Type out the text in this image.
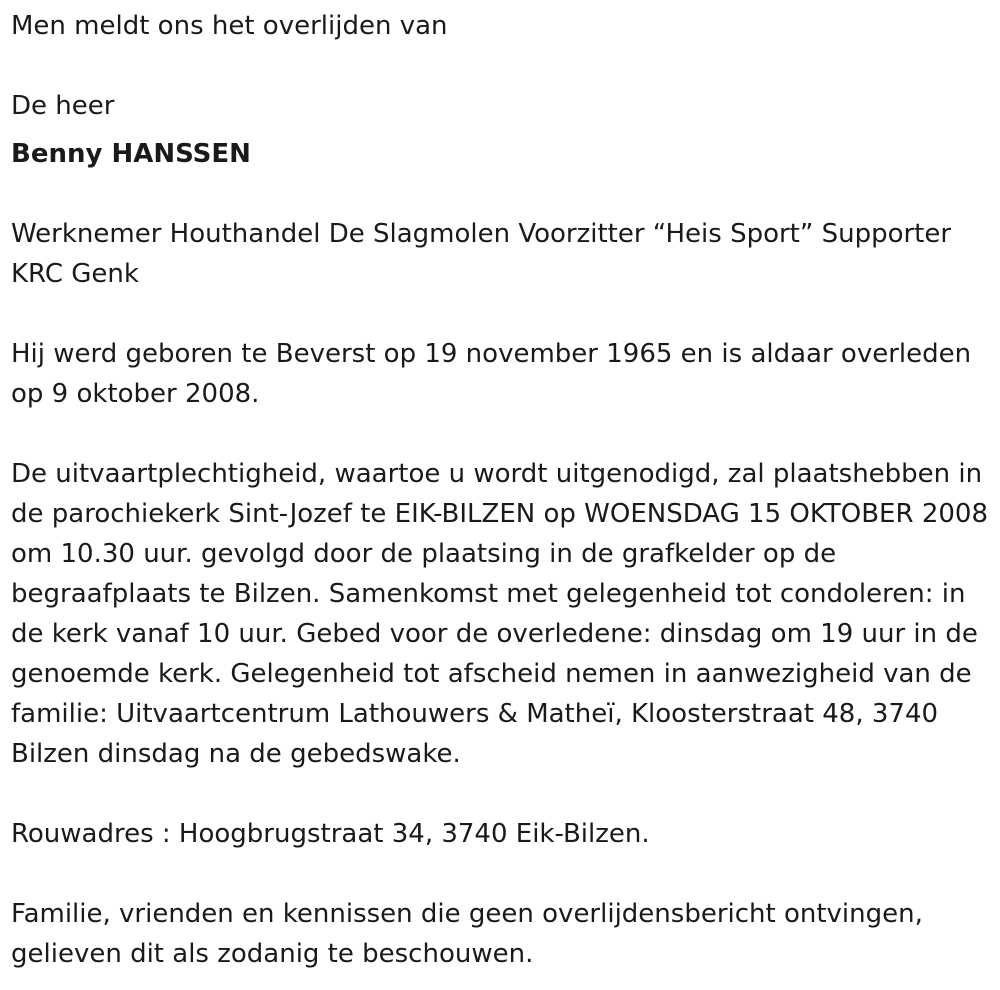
Men meldt ons het overlijden van

De heer

Benny HANSSEN

Werknemer Houthandel De Slagmolen Voorzitter “Heis Sport” Supporter KRC Genk

Hij werd geboren te Beverst op 19 november 1965 en is aldaar overleden op 9 oktober 2008.

De uitvaartplechtigheid, waartoe u wordt uitgenodigd, zal plaatshebben in de parochiekerk Sint-Jozef te EIK-BILZEN op WOENSDAG 15 OKTOBER 2008 om 10.30 uur. gevolgd door de plaatsing in de grafkelder op de begraafplaats te Bilzen. Samenkomst met gelegenheid tot condoleren: in de kerk vanaf 10 uur. Gebed voor de overledene: dinsdag om 19 uur in de genoemde kerk. Gelegenheid tot afscheid nemen in aanwezigheid van de familie: Uitvaartcentrum Lathouwers & Matheï, Kloosterstraat 48, 3740 Bilzen dinsdag na de gebedswake.

Rouwadres : Hoogbrugstraat 34, 3740 Eik-Bilzen.

Familie, vrienden en kennissen die geen overlijdensbericht ontvingen, gelieven dit als zodanig te beschouwen.
